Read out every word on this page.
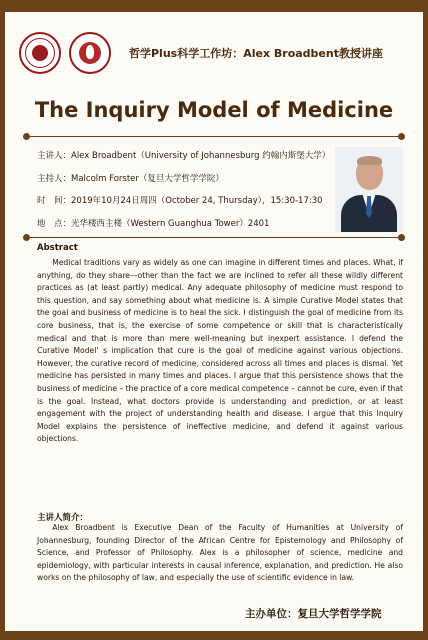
哲学Plus科学工作坊：Alex Broadbent教授讲座
The Inquiry Model of Medicine
主讲人：Alex Broadbent（University of Johannesburg 约翰内斯堡大学）
主持人：Malcolm Forster（复旦大学哲学学院）
时　间：2019年10月24日周四（October 24, Thursday），15:30-17:30
地　点：光华楼西主楼（Western Guanghua Tower）2401
Abstract

Medical traditions vary as widely as one can imagine in different times and places. What, if anything, do they share—other than the fact we are inclined to refer all these wildly different practices as (at least partly) medical. Any adequate philosophy of medicine must respond to this question, and say something about what medicine is. A simple Curative Model states that the goal and business of medicine is to heal the sick. I distinguish the goal of medicine from its core business, that is, the exercise of some competence or skill that is characteristically medical and that is more than mere well-meaning but inexpert assistance. I defend the Curative Model’ s implication that cure is the goal of medicine against various objections. However, the curative record of medicine, considered across all times and places is dismal. Yet medicine has persisted in many times and places. I argue that this persistence shows that the business of medicine – the practice of a core medical competence – cannot be cure, even if that is the goal. Instead, what doctors provide is understanding and prediction, or at least engagement with the project of understanding health and disease. I argue that this Inquiry Model explains the persistence of ineffective medicine, and defend it against various objections.

主讲人简介：

Alex Broadbent is Executive Dean of the Faculty of Humanities at University of Johannesburg, founding Director of the African Centre for Epistemology and Philosophy of Science, and Professor of Philosophy. Alex is a philosopher of science, medicine and epidemiology, with particular interests in causal inference, explanation, and prediction. He also works on the philosophy of law, and especially the use of scientific evidence in law.

主办单位：复旦大学哲学学院
